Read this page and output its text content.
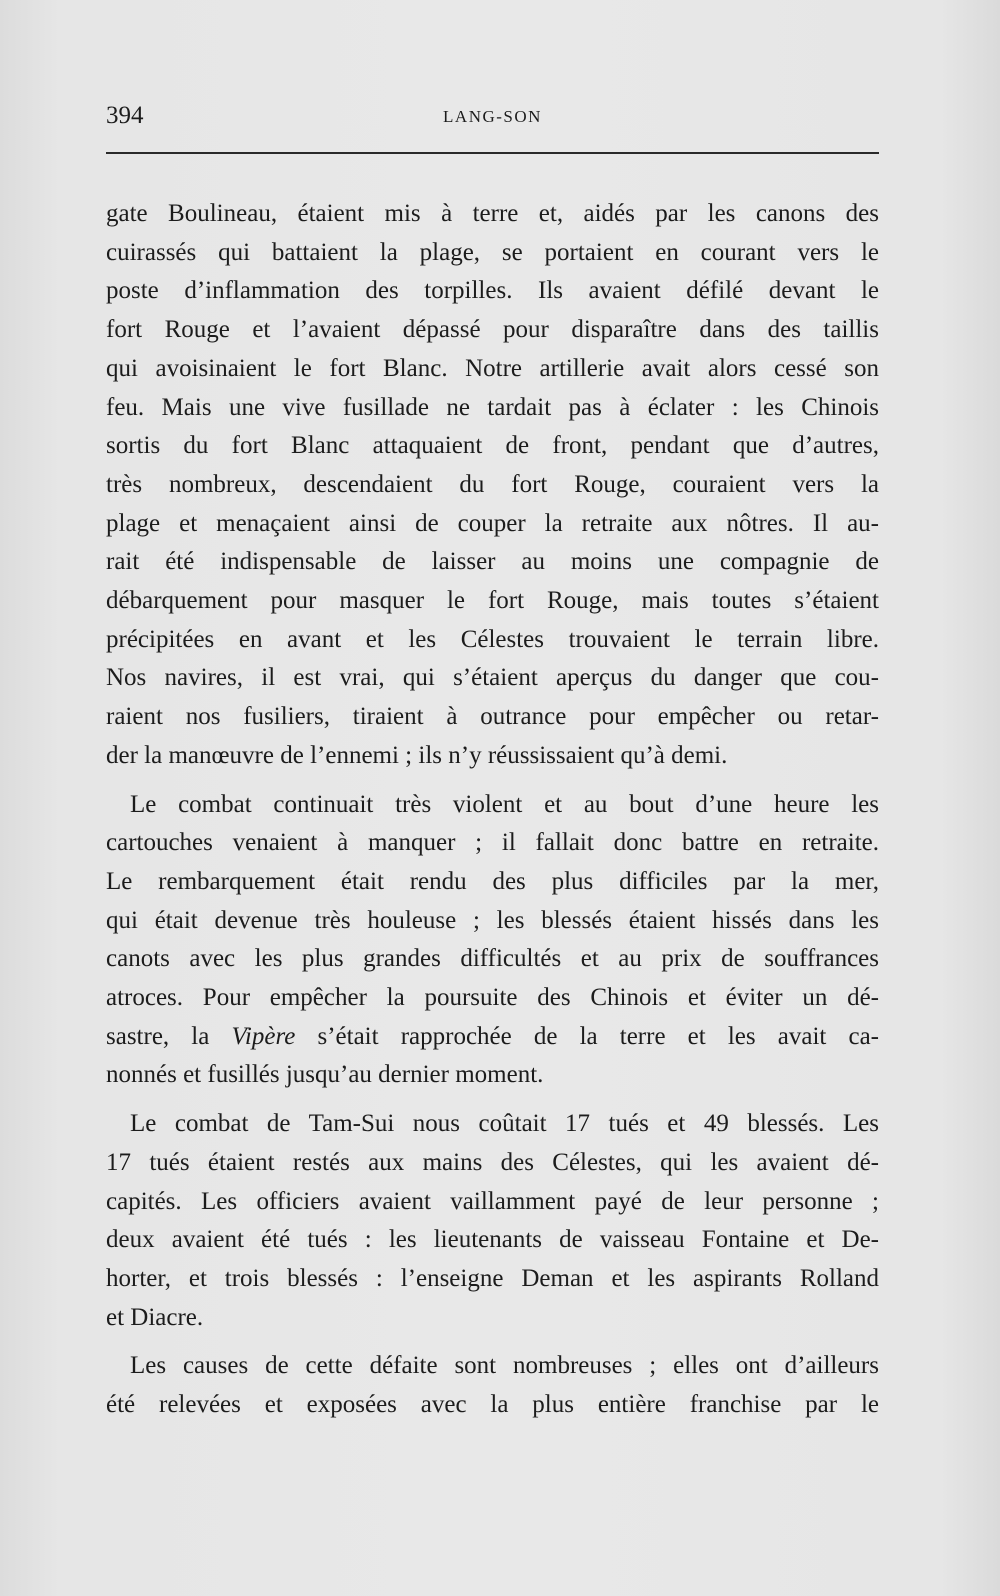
394	LANG-SON

gate Boulineau, étaient mis à terre et, aidés par les canons des
cuirassés qui battaient la plage, se portaient en courant vers le
poste d’inflammation des torpilles. Ils avaient défilé devant le
fort Rouge et l’avaient dépassé pour disparaître dans des taillis
qui avoisinaient le fort Blanc. Notre artillerie avait alors cessé son
feu. Mais une vive fusillade ne tardait pas à éclater : les Chinois
sortis du fort Blanc attaquaient de front, pendant que d’autres,
très nombreux, descendaient du fort Rouge, couraient vers la
plage et menaçaient ainsi de couper la retraite aux nôtres. Il au-
rait été indispensable de laisser au moins une compagnie de
débarquement pour masquer le fort Rouge, mais toutes s’étaient
précipitées en avant et les Célestes trouvaient le terrain libre.
Nos navires, il est vrai, qui s’étaient aperçus du danger que cou-
raient nos fusiliers, tiraient à outrance pour empêcher ou retar-
der la manœuvre de l’ennemi ; ils n’y réussissaient qu’à demi.

Le combat continuait très violent et au bout d’une heure les
cartouches venaient à manquer ; il fallait donc battre en retraite.
Le rembarquement était rendu des plus difficiles par la mer,
qui était devenue très houleuse ; les blessés étaient hissés dans les
canots avec les plus grandes difficultés et au prix de souffrances
atroces. Pour empêcher la poursuite des Chinois et éviter un dé-
sastre, la Vipère s’était rapprochée de la terre et les avait ca-
nonnés et fusillés jusqu’au dernier moment.

Le combat de Tam-Sui nous coûtait 17 tués et 49 blessés. Les
17 tués étaient restés aux mains des Célestes, qui les avaient dé-
capités. Les officiers avaient vaillamment payé de leur personne ;
deux avaient été tués : les lieutenants de vaisseau Fontaine et De-
horter, et trois blessés : l’enseigne Deman et les aspirants Rolland
et Diacre.

Les causes de cette défaite sont nombreuses ; elles ont d’ailleurs
été relevées et exposées avec la plus entière franchise par le
